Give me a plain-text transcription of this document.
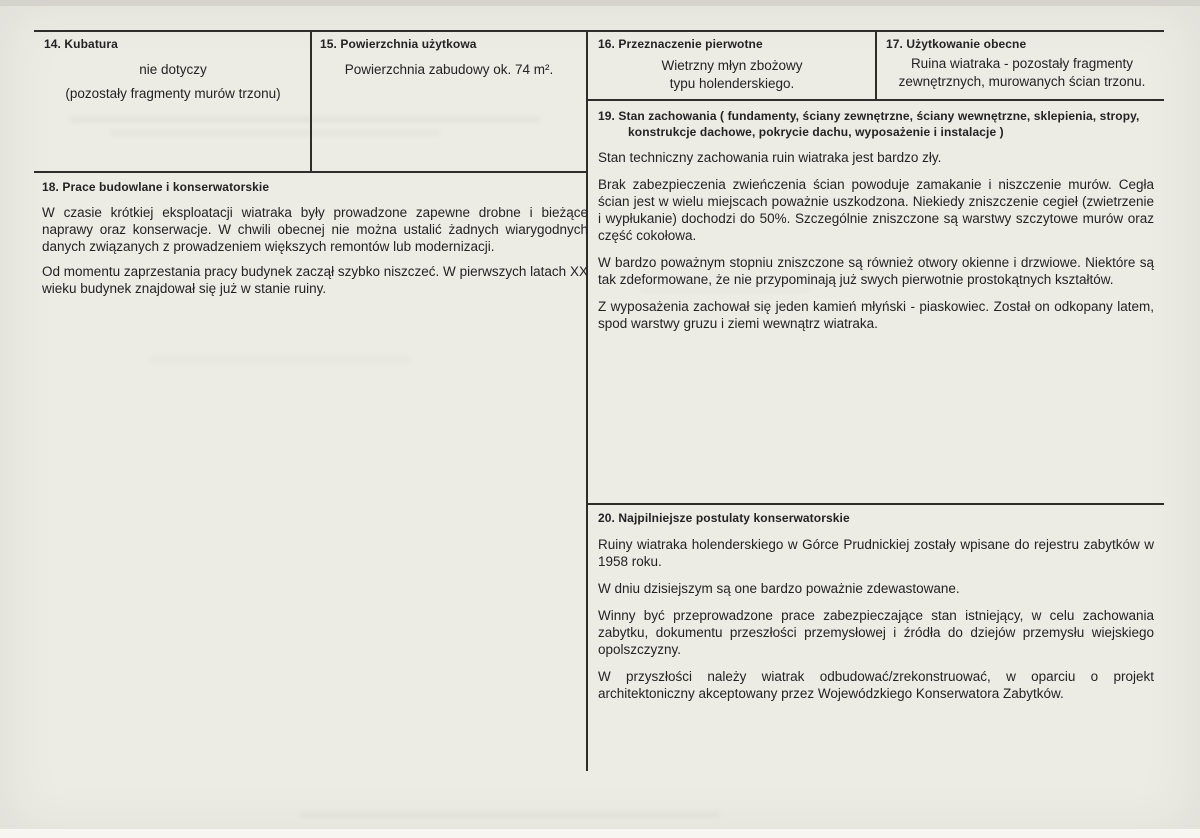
14. Kubatura
nie dotyczy
(pozostały fragmenty murów trzonu)
15. Powierzchnia użytkowa
Powierzchnia zabudowy ok. 74 m².
16. Przeznaczenie pierwotne
Wietrzny młyn zbożowy
typu holenderskiego.
17. Użytkowanie obecne
Ruina wiatraka - pozostały fragmenty
zewnętrznych, murowanych ścian trzonu.
19. Stan zachowania ( fundamenty, ściany zewnętrzne, ściany wewnętrzne, sklepienia, stropy,
konstrukcje dachowe, pokrycie dachu, wyposażenie i instalacje )

Stan techniczny zachowania ruin wiatraka jest bardzo zły.

Brak zabezpieczenia zwieńczenia ścian powoduje zamakanie i niszczenie murów. Cegła ścian jest w wielu miejscach poważnie uszkodzona. Niekiedy zniszczenie cegieł (zwietrzenie i wypłukanie) dochodzi do 50%. Szczególnie zniszczone są warstwy szczytowe murów oraz część cokołowa.

W bardzo poważnym stopniu zniszczone są również otwory okienne i drzwiowe. Niektóre są tak zdeformowane, że nie przypominają już swych pierwotnie prostokątnych kształtów.

Z wyposażenia zachował się jeden kamień młyński - piaskowiec. Został on odkopany latem, spod warstwy gruzu i ziemi wewnątrz wiatraka.

18. Prace budowlane i konserwatorskie

W czasie krótkiej eksploatacji wiatraka były prowadzone zapewne drobne i bieżące naprawy oraz konserwacje. W chwili obecnej nie można ustalić żadnych wiarygodnych danych związanych z prowadzeniem większych remontów lub modernizacji.

Od momentu zaprzestania pracy budynek zaczął szybko niszczeć. W pierwszych latach XX wieku budynek znajdował się już w stanie ruiny.

20. Najpilniejsze postulaty konserwatorskie

Ruiny wiatraka holenderskiego w Górce Prudnickiej zostały wpisane do rejestru zabytków w 1958 roku.

W dniu dzisiejszym są one bardzo poważnie zdewastowane.

Winny być przeprowadzone prace zabezpieczające stan istniejący, w celu zachowania zabytku, dokumentu przeszłości przemysłowej i źródła do dziejów przemysłu wiejskiego opolszczyzny.

W przyszłości należy wiatrak odbudować/zrekonstruować, w oparciu o projekt architektoniczny akceptowany przez Wojewódzkiego Konserwatora Zabytków.
